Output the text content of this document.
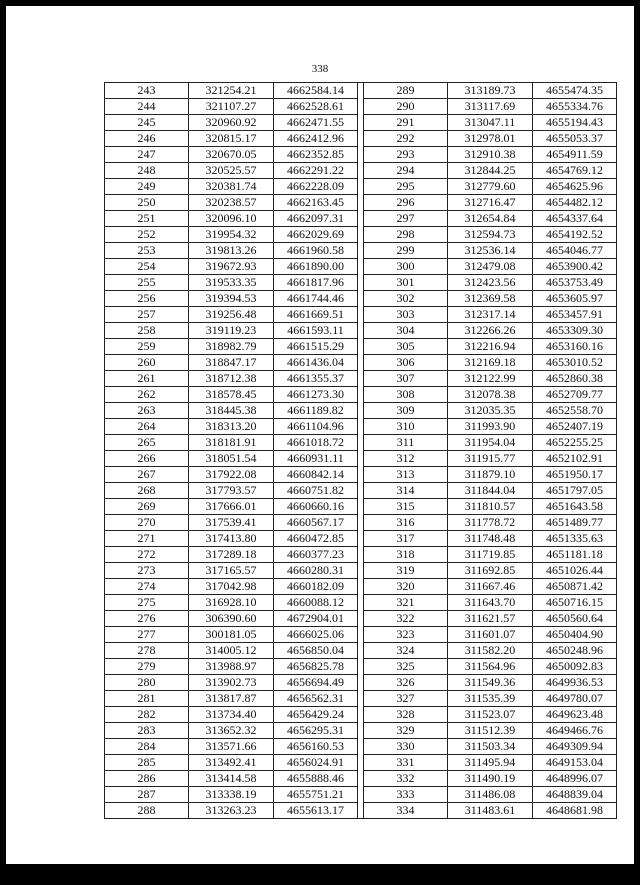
338
243	321254.21	4662584.14		289	313189.73	4655474.35
244	321107.27	4662528.61		290	313117.69	4655334.76
245	320960.92	4662471.55		291	313047.11	4655194.43
246	320815.17	4662412.96		292	312978.01	4655053.37
247	320670.05	4662352.85		293	312910.38	4654911.59
248	320525.57	4662291.22		294	312844.25	4654769.12
249	320381.74	4662228.09		295	312779.60	4654625.96
250	320238.57	4662163.45		296	312716.47	4654482.12
251	320096.10	4662097.31		297	312654.84	4654337.64
252	319954.32	4662029.69		298	312594.73	4654192.52
253	319813.26	4661960.58		299	312536.14	4654046.77
254	319672.93	4661890.00		300	312479.08	4653900.42
255	319533.35	4661817.96		301	312423.56	4653753.49
256	319394.53	4661744.46		302	312369.58	4653605.97
257	319256.48	4661669.51		303	312317.14	4653457.91
258	319119.23	4661593.11		304	312266.26	4653309.30
259	318982.79	4661515.29		305	312216.94	4653160.16
260	318847.17	4661436.04		306	312169.18	4653010.52
261	318712.38	4661355.37		307	312122.99	4652860.38
262	318578.45	4661273.30		308	312078.38	4652709.77
263	318445.38	4661189.82		309	312035.35	4652558.70
264	318313.20	4661104.96		310	311993.90	4652407.19
265	318181.91	4661018.72		311	311954.04	4652255.25
266	318051.54	4660931.11		312	311915.77	4652102.91
267	317922.08	4660842.14		313	311879.10	4651950.17
268	317793.57	4660751.82		314	311844.04	4651797.05
269	317666.01	4660660.16		315	311810.57	4651643.58
270	317539.41	4660567.17		316	311778.72	4651489.77
271	317413.80	4660472.85		317	311748.48	4651335.63
272	317289.18	4660377.23		318	311719.85	4651181.18
273	317165.57	4660280.31		319	311692.85	4651026.44
274	317042.98	4660182.09		320	311667.46	4650871.42
275	316928.10	4660088.12		321	311643.70	4650716.15
276	306390.60	4672904.01		322	311621.57	4650560.64
277	300181.05	4666025.06		323	311601.07	4650404.90
278	314005.12	4656850.04		324	311582.20	4650248.96
279	313988.97	4656825.78		325	311564.96	4650092.83
280	313902.73	4656694.49		326	311549.36	4649936.53
281	313817.87	4656562.31		327	311535.39	4649780.07
282	313734.40	4656429.24		328	311523.07	4649623.48
283	313652.32	4656295.31		329	311512.39	4649466.76
284	313571.66	4656160.53		330	311503.34	4649309.94
285	313492.41	4656024.91		331	311495.94	4649153.04
286	313414.58	4655888.46		332	311490.19	4648996.07
287	313338.19	4655751.21		333	311486.08	4648839.04
288	313263.23	4655613.17		334	311483.61	4648681.98
